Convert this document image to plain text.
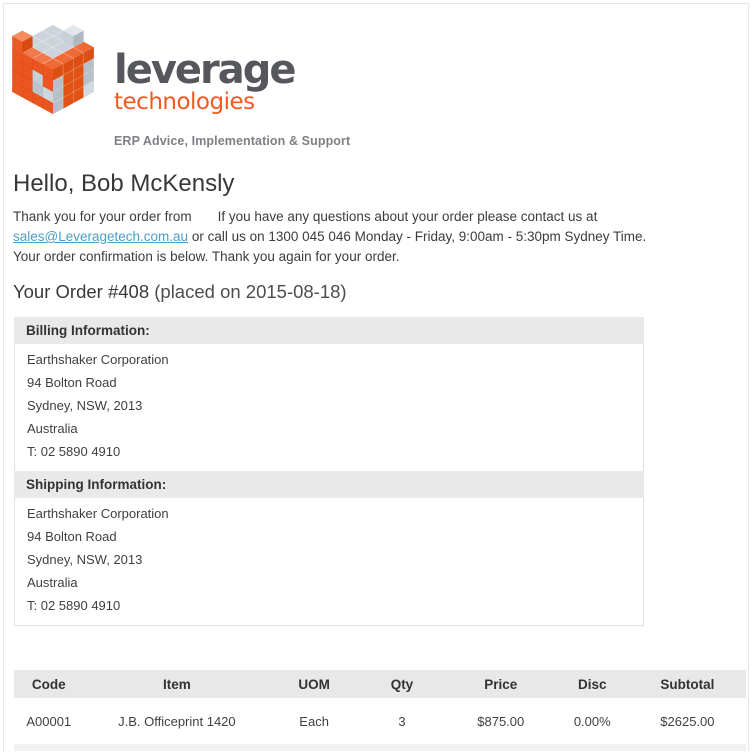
leverage
technologies
ERP Advice, Implementation & Support
Hello, Bob McKensly
Thank you for your order from If you have any questions about your order please contact us at
sales@Leveragetech.com.au or call us on 1300 045 046 Monday - Friday, 9:00am - 5:30pm Sydney Time.
Your order confirmation is below. Thank you again for your order.
Your Order #408 (placed on 2015-08-18)
Billing Information:
Earthshaker Corporation
94 Bolton Road
Sydney, NSW, 2013
Australia
T: 02 5890 4910
Shipping Information:
Earthshaker Corporation
94 Bolton Road
Sydney, NSW, 2013
Australia
T: 02 5890 4910
Code	Item	UOM	Qty	Price	Disc	Subtotal
A00001	J.B. Officeprint 1420	Each	3	$875.00	0.00%	$2625.00
